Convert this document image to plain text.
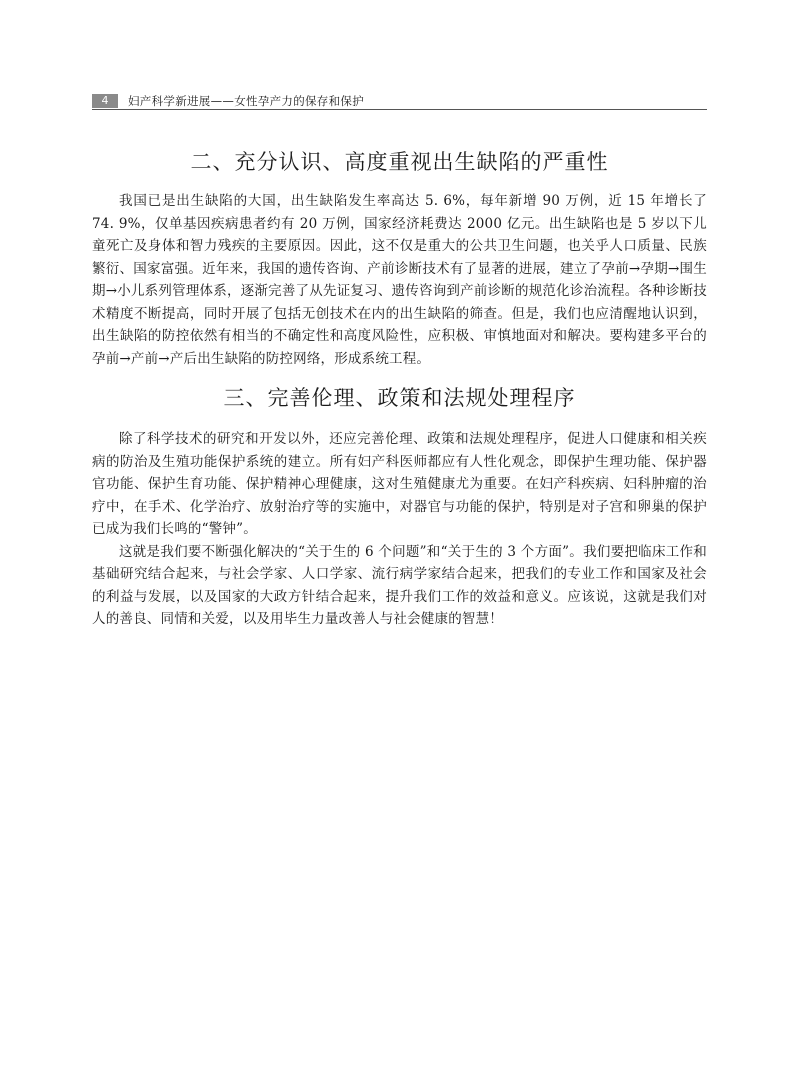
4	妇产科学新进展——女性孕产力的保存和保护
二、充分认识、高度重视出生缺陷的严重性

我国已是出生缺陷的大国，出生缺陷发生率高达 5. 6%，每年新增 90 万例，近 15 年增长了 74. 9%，仅单基因疾病患者约有 20 万例，国家经济耗费达 2000 亿元。出生缺陷也是 5 岁以下儿童死亡及身体和智力残疾的主要原因。因此，这不仅是重大的公共卫生问题，也关乎人口质量、民族繁衍、国家富强。近年来，我国的遗传咨询、产前诊断技术有了显著的进展，建立了孕前→孕期→围生期→小儿系列管理体系，逐渐完善了从先证复习、遗传咨询到产前诊断的规范化诊治流程。各种诊断技术精度不断提高，同时开展了包括无创技术在内的出生缺陷的筛查。但是，我们也应清醒地认识到，出生缺陷的防控依然有相当的不确定性和高度风险性，应积极、审慎地面对和解决。要构建多平台的孕前→产前→产后出生缺陷的防控网络，形成系统工程。

三、完善伦理、政策和法规处理程序

除了科学技术的研究和开发以外，还应完善伦理、政策和法规处理程序，促进人口健康和相关疾病的防治及生殖功能保护系统的建立。所有妇产科医师都应有人性化观念，即保护生理功能、保护器官功能、保护生育功能、保护精神心理健康，这对生殖健康尤为重要。在妇产科疾病、妇科肿瘤的治疗中，在手术、化学治疗、放射治疗等的实施中，对器官与功能的保护，特别是对子宫和卵巢的保护已成为我们长鸣的“警钟”。

这就是我们要不断强化解决的“关于生的 6 个问题”和“关于生的 3 个方面”。我们要把临床工作和基础研究结合起来，与社会学家、人口学家、流行病学家结合起来，把我们的专业工作和国家及社会的利益与发展，以及国家的大政方针结合起来，提升我们工作的效益和意义。应该说，这就是我们对人的善良、同情和关爱，以及用毕生力量改善人与社会健康的智慧！
